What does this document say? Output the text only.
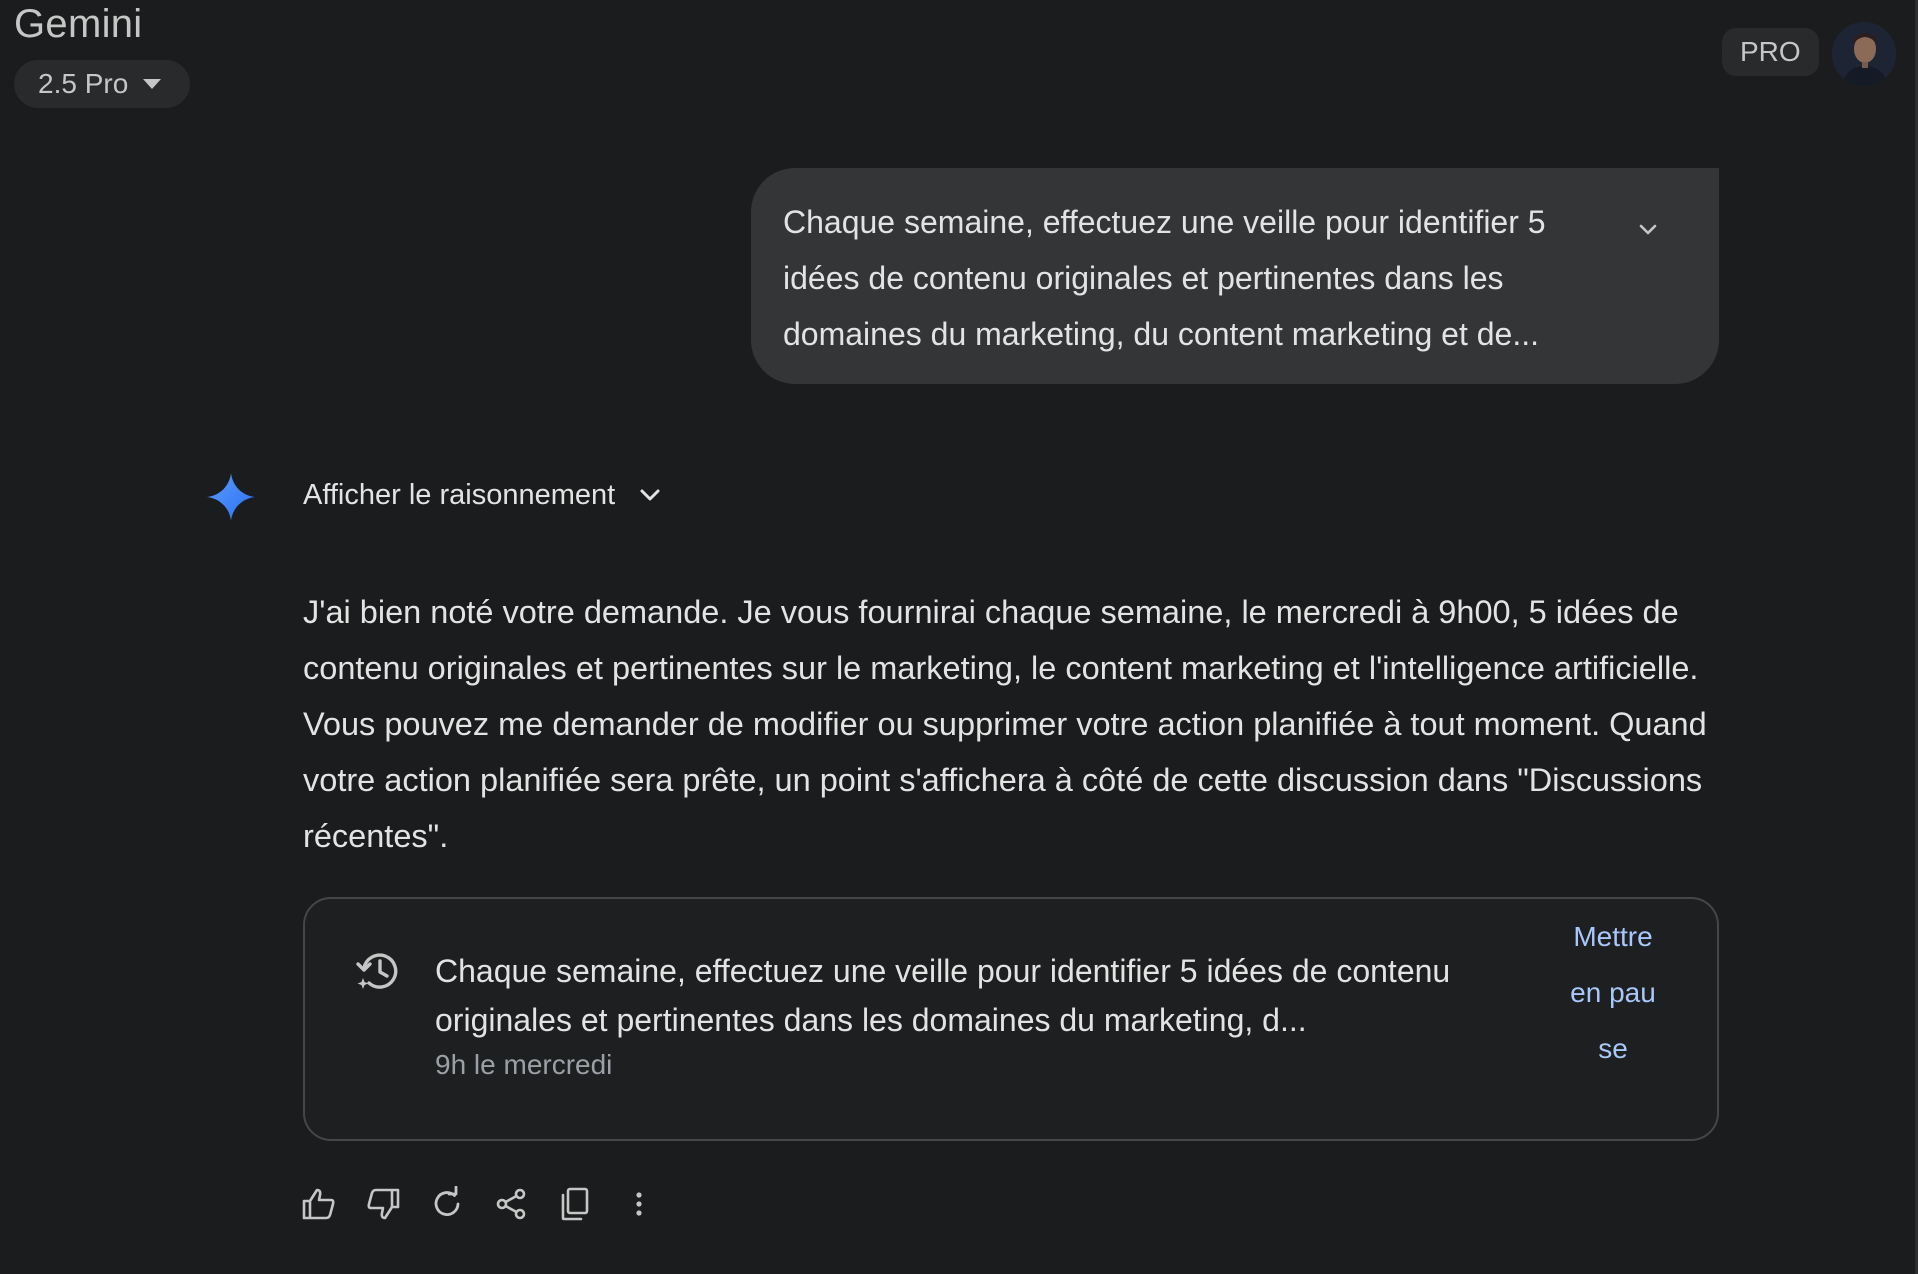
Gemini
2.5 Pro
PRO
Chaque semaine, effectuez une veille pour identifier 5 idées de contenu originales et pertinentes dans les domaines du marketing, du content marketing et de...
Afficher le raisonnement
J'ai bien noté votre demande. Je vous fournirai chaque semaine, le mercredi à 9h00, 5 idées de contenu originales et pertinentes sur le marketing, le content marketing et l'intelligence artificielle. Vous pouvez me demander de modifier ou supprimer votre action planifiée à tout moment. Quand votre action planifiée sera prête, un point s'affichera à côté de cette discussion dans "Discussions récentes".
Chaque semaine, effectuez une veille pour identifier 5 idées de contenu originales et pertinentes dans les domaines du marketing, d...
9h le mercredi
Mettre en pause
